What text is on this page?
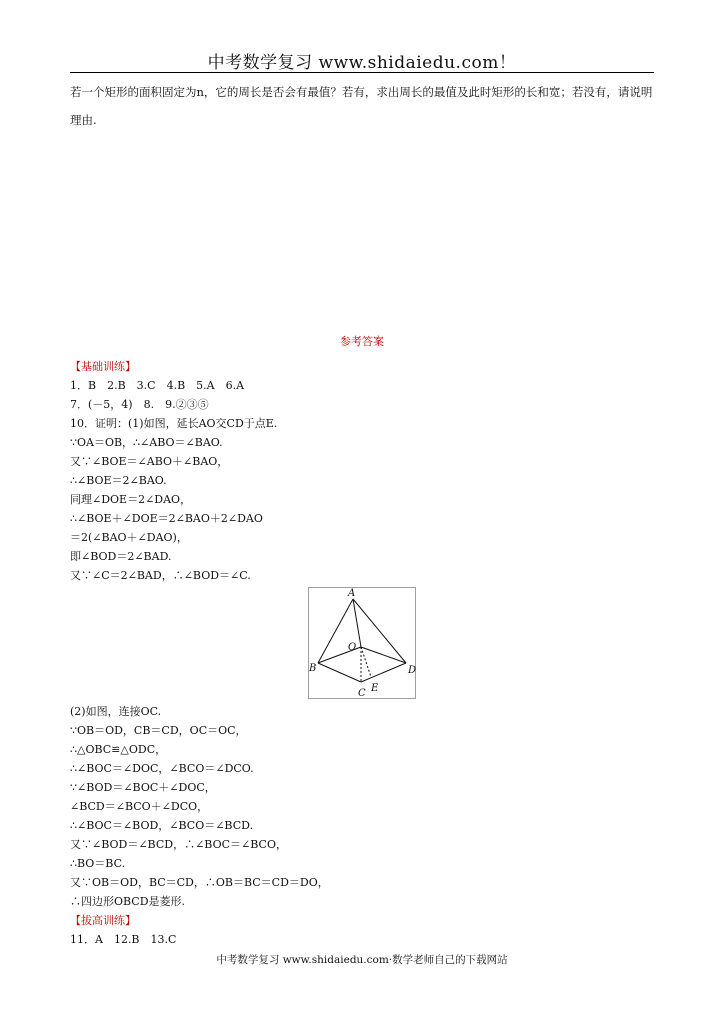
中考数学复习 www.shidaiedu.com！
若一个矩形的面积固定为n，它的周长是否会有最值？若有，求出周长的最值及此时矩形的长和宽；若没有，请说明理由.
参考答案
【基础训练】
1．B　2.B　3.C　4.B　5.A　6.A
7．(－5，4)　8.　9.②③⑤
10．证明：(1)如图，延长AO交CD于点E.
∵OA＝OB，∴∠ABO＝∠BAO.
又∵∠BOE＝∠ABO＋∠BAO，
∴∠BOE＝2∠BAO.
同理∠DOE＝2∠DAO，
∴∠BOE＋∠DOE＝2∠BAO＋2∠DAO
＝2(∠BAO＋∠DAO)，
即∠BOD＝2∠BAD.
又∵∠C＝2∠BAD，∴∠BOD＝∠C.
A
B
C
D
O
E
(2)如图，连接OC.
∵OB＝OD，CB＝CD，OC＝OC，
∴△OBC≌△ODC，
∴∠BOC＝∠DOC，∠BCO＝∠DCO.
∵∠BOD＝∠BOC＋∠DOC，
∠BCD＝∠BCO＋∠DCO，
∴∠BOC＝∠BOD，∠BCO＝∠BCD.
又∵∠BOD＝∠BCD，∴∠BOC＝∠BCO，
∴BO＝BC.
又∵OB＝OD，BC＝CD，∴OB＝BC＝CD＝DO，
∴四边形OBCD是菱形.
【拔高训练】
11．A　12.B　13.C
中考数学复习 www.shidaiedu.com·数学老师自己的下载网站
